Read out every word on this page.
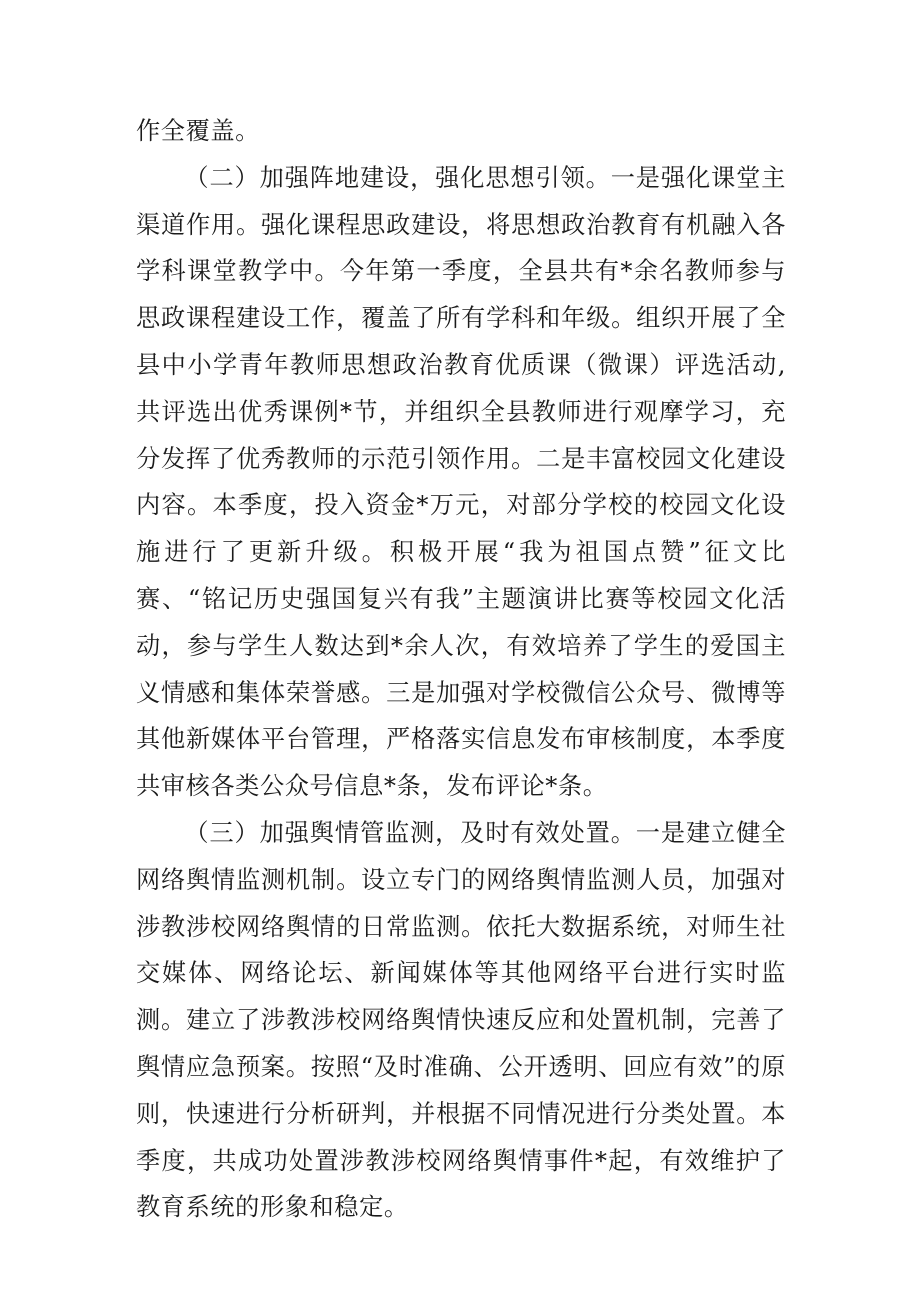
作全覆盖。

（二）加强阵地建设，强化思想引领。一是强化课堂主渠道作用。强化课程思政建设，将思想政治教育有机融入各学科课堂教学中。今年第一季度，全县共有*余名教师参与思政课程建设工作，覆盖了所有学科和年级。组织开展了全县中小学青年教师思想政治教育优质课（微课）评选活动,共评选出优秀课例*节，并组织全县教师进行观摩学习，充分发挥了优秀教师的示范引领作用。二是丰富校园文化建设内容。本季度，投入资金*万元，对部分学校的校园文化设施进行了更新升级。积极开展“我为祖国点赞”征文比赛、“铭记历史强国复兴有我”主题演讲比赛等校园文化活动，参与学生人数达到*余人次，有效培养了学生的爱国主义情感和集体荣誉感。三是加强对学校微信公众号、微博等其他新媒体平台管理，严格落实信息发布审核制度，本季度共审核各类公众号信息*条，发布评论*条。

（三）加强舆情管监测，及时有效处置。一是建立健全网络舆情监测机制。设立专门的网络舆情监测人员，加强对涉教涉校网络舆情的日常监测。依托大数据系统，对师生社交媒体、网络论坛、新闻媒体等其他网络平台进行实时监测。建立了涉教涉校网络舆情快速反应和处置机制，完善了舆情应急预案。按照“及时准确、公开透明、回应有效”的原则，快速进行分析研判，并根据不同情况进行分类处置。本季度，共成功处置涉教涉校网络舆情事件*起，有效维护了教育系统的形象和稳定。
